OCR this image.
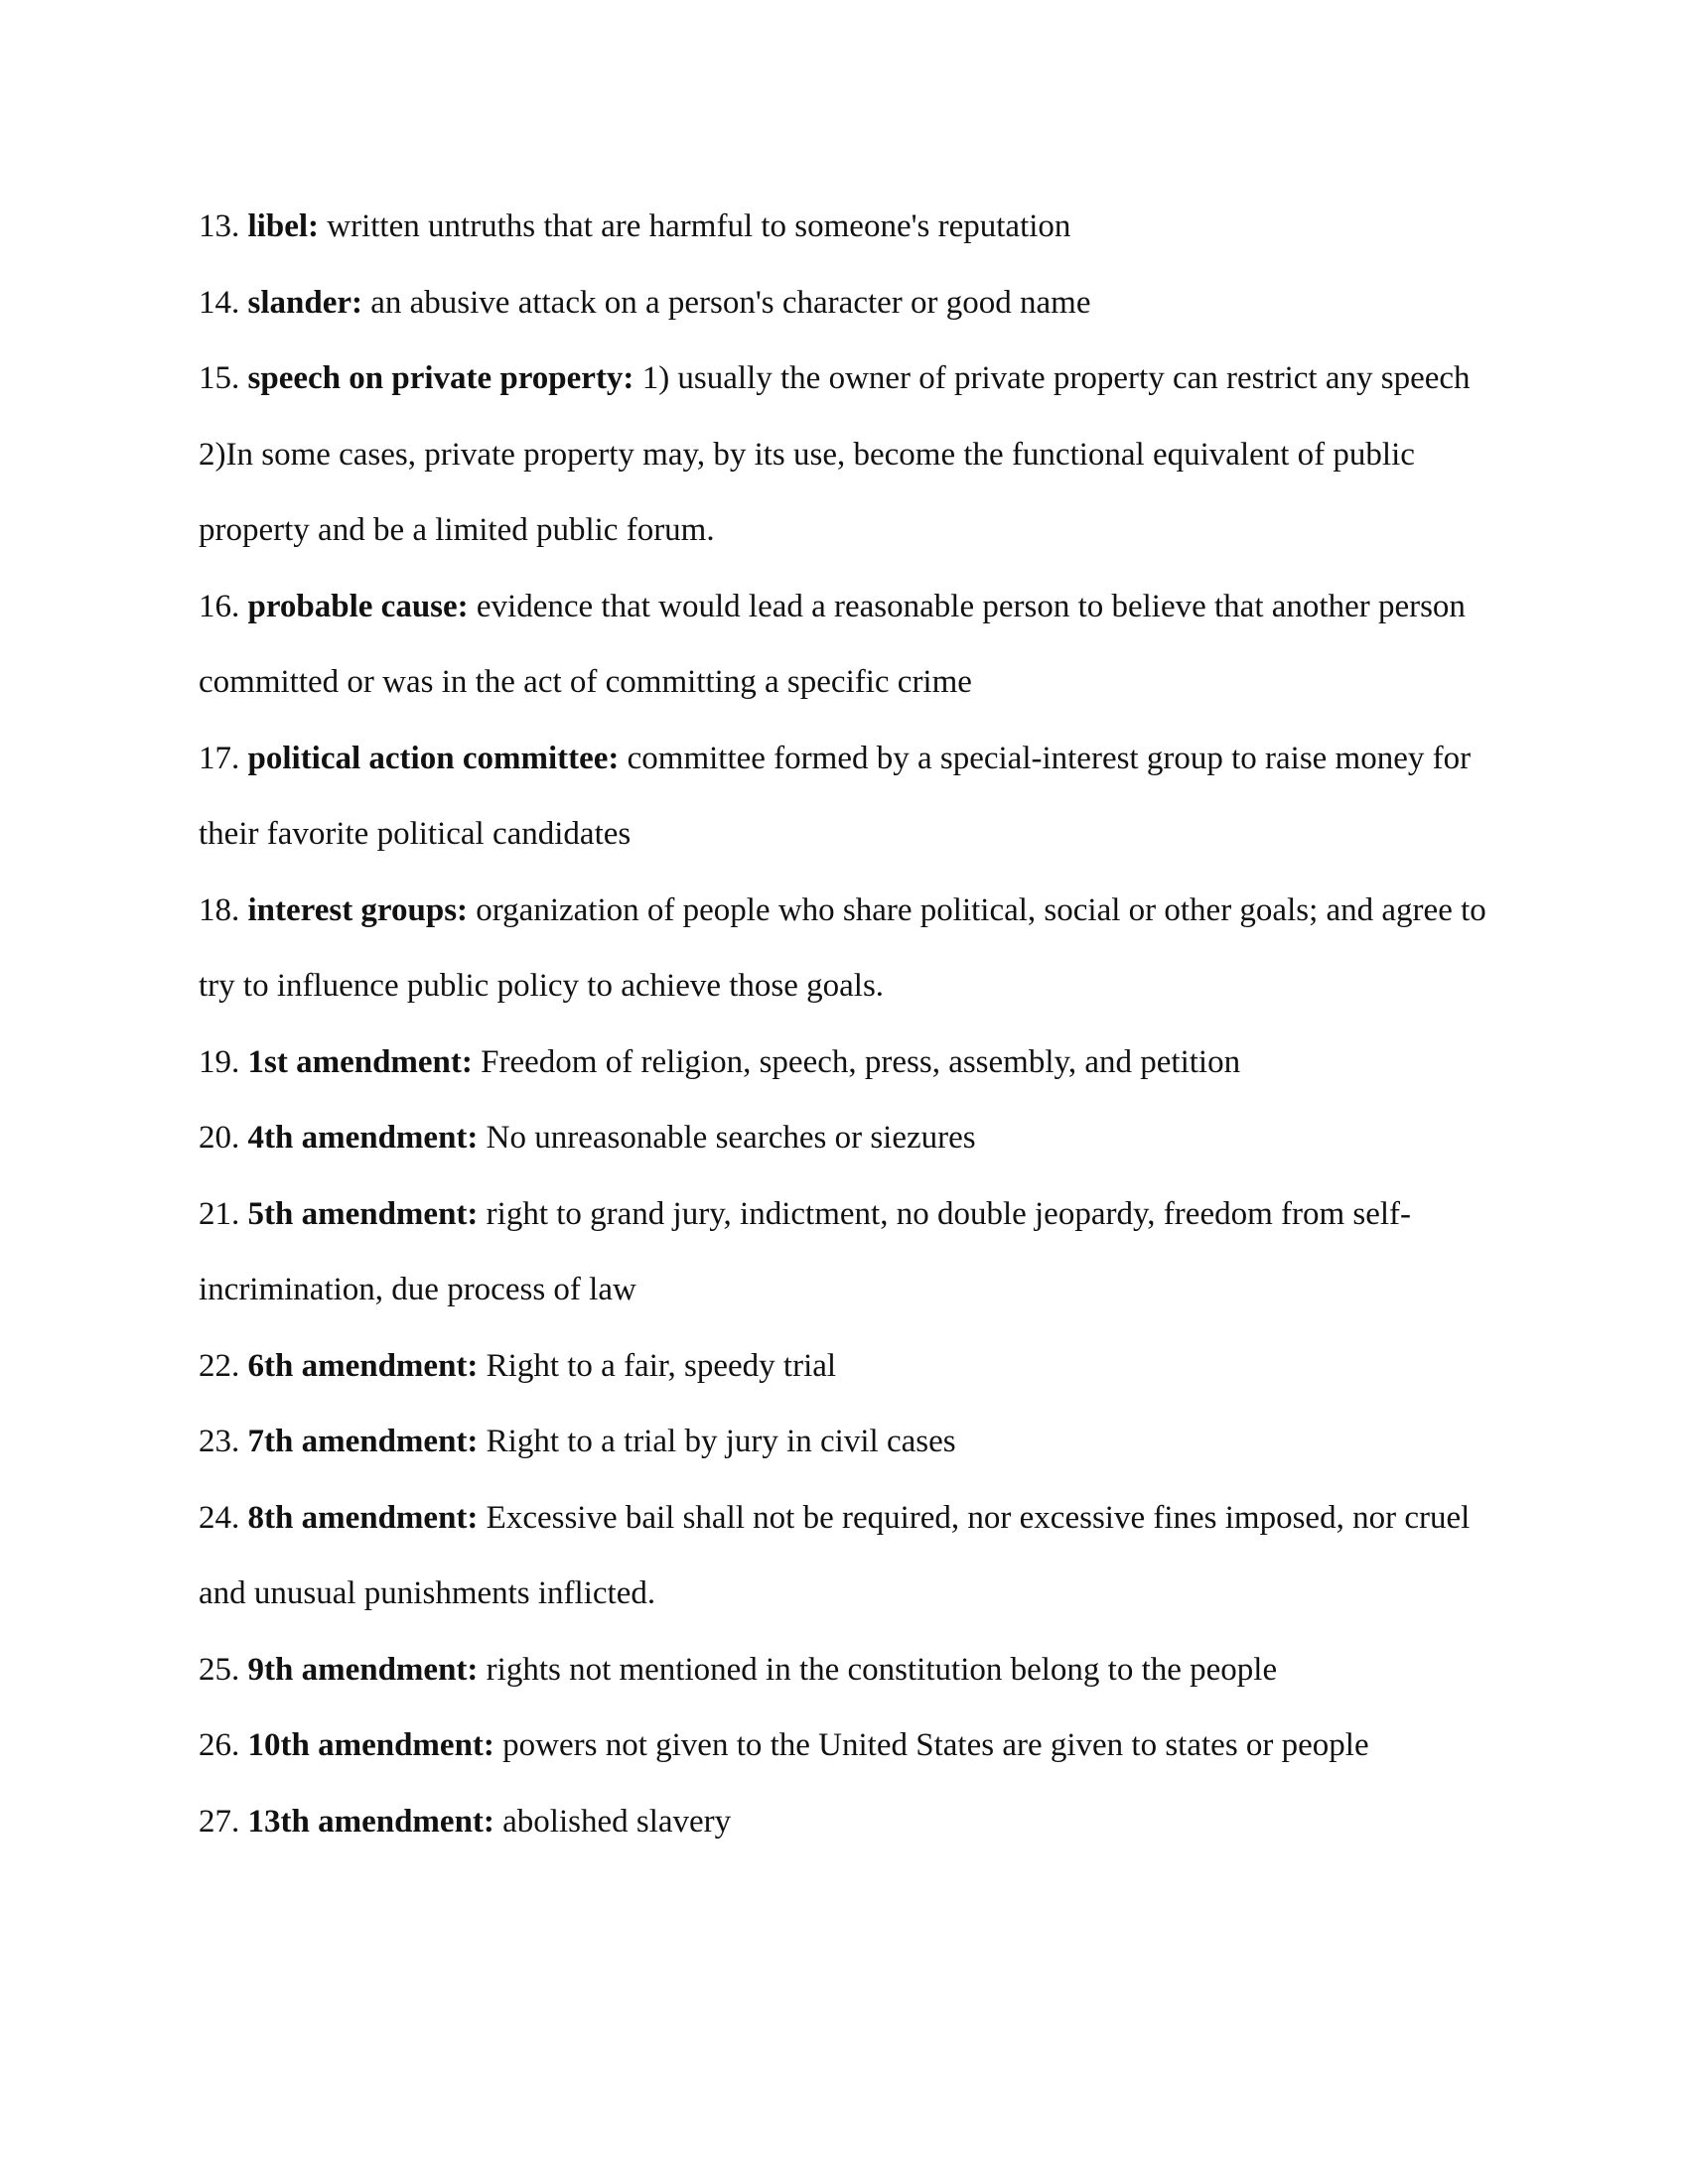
13. libel: written untruths that are harmful to someone's reputation

14. slander: an abusive attack on a person's character or good name

15. speech on private property: 1) usually the owner of private property can restrict any speech 2)In some cases, private property may, by its use, become the functional equivalent of public property and be a limited public forum.

16. probable cause: evidence that would lead a reasonable person to believe that another person committed or was in the act of committing a specific crime

17. political action committee: committee formed by a special-interest group to raise money for their favorite political candidates

18. interest groups: organization of people who share political, social or other goals; and agree to try to influence public policy to achieve those goals.

19. 1st amendment: Freedom of religion, speech, press, assembly, and petition

20. 4th amendment: No unreasonable searches or siezures

21. 5th amendment: right to grand jury, indictment, no double jeopardy, freedom from self-incrimination, due process of law

22. 6th amendment: Right to a fair, speedy trial

23. 7th amendment: Right to a trial by jury in civil cases

24. 8th amendment: Excessive bail shall not be required, nor excessive fines imposed, nor cruel and unusual punishments inflicted.

25. 9th amendment: rights not mentioned in the constitution belong to the people

26. 10th amendment: powers not given to the United States are given to states or people

27. 13th amendment: abolished slavery
